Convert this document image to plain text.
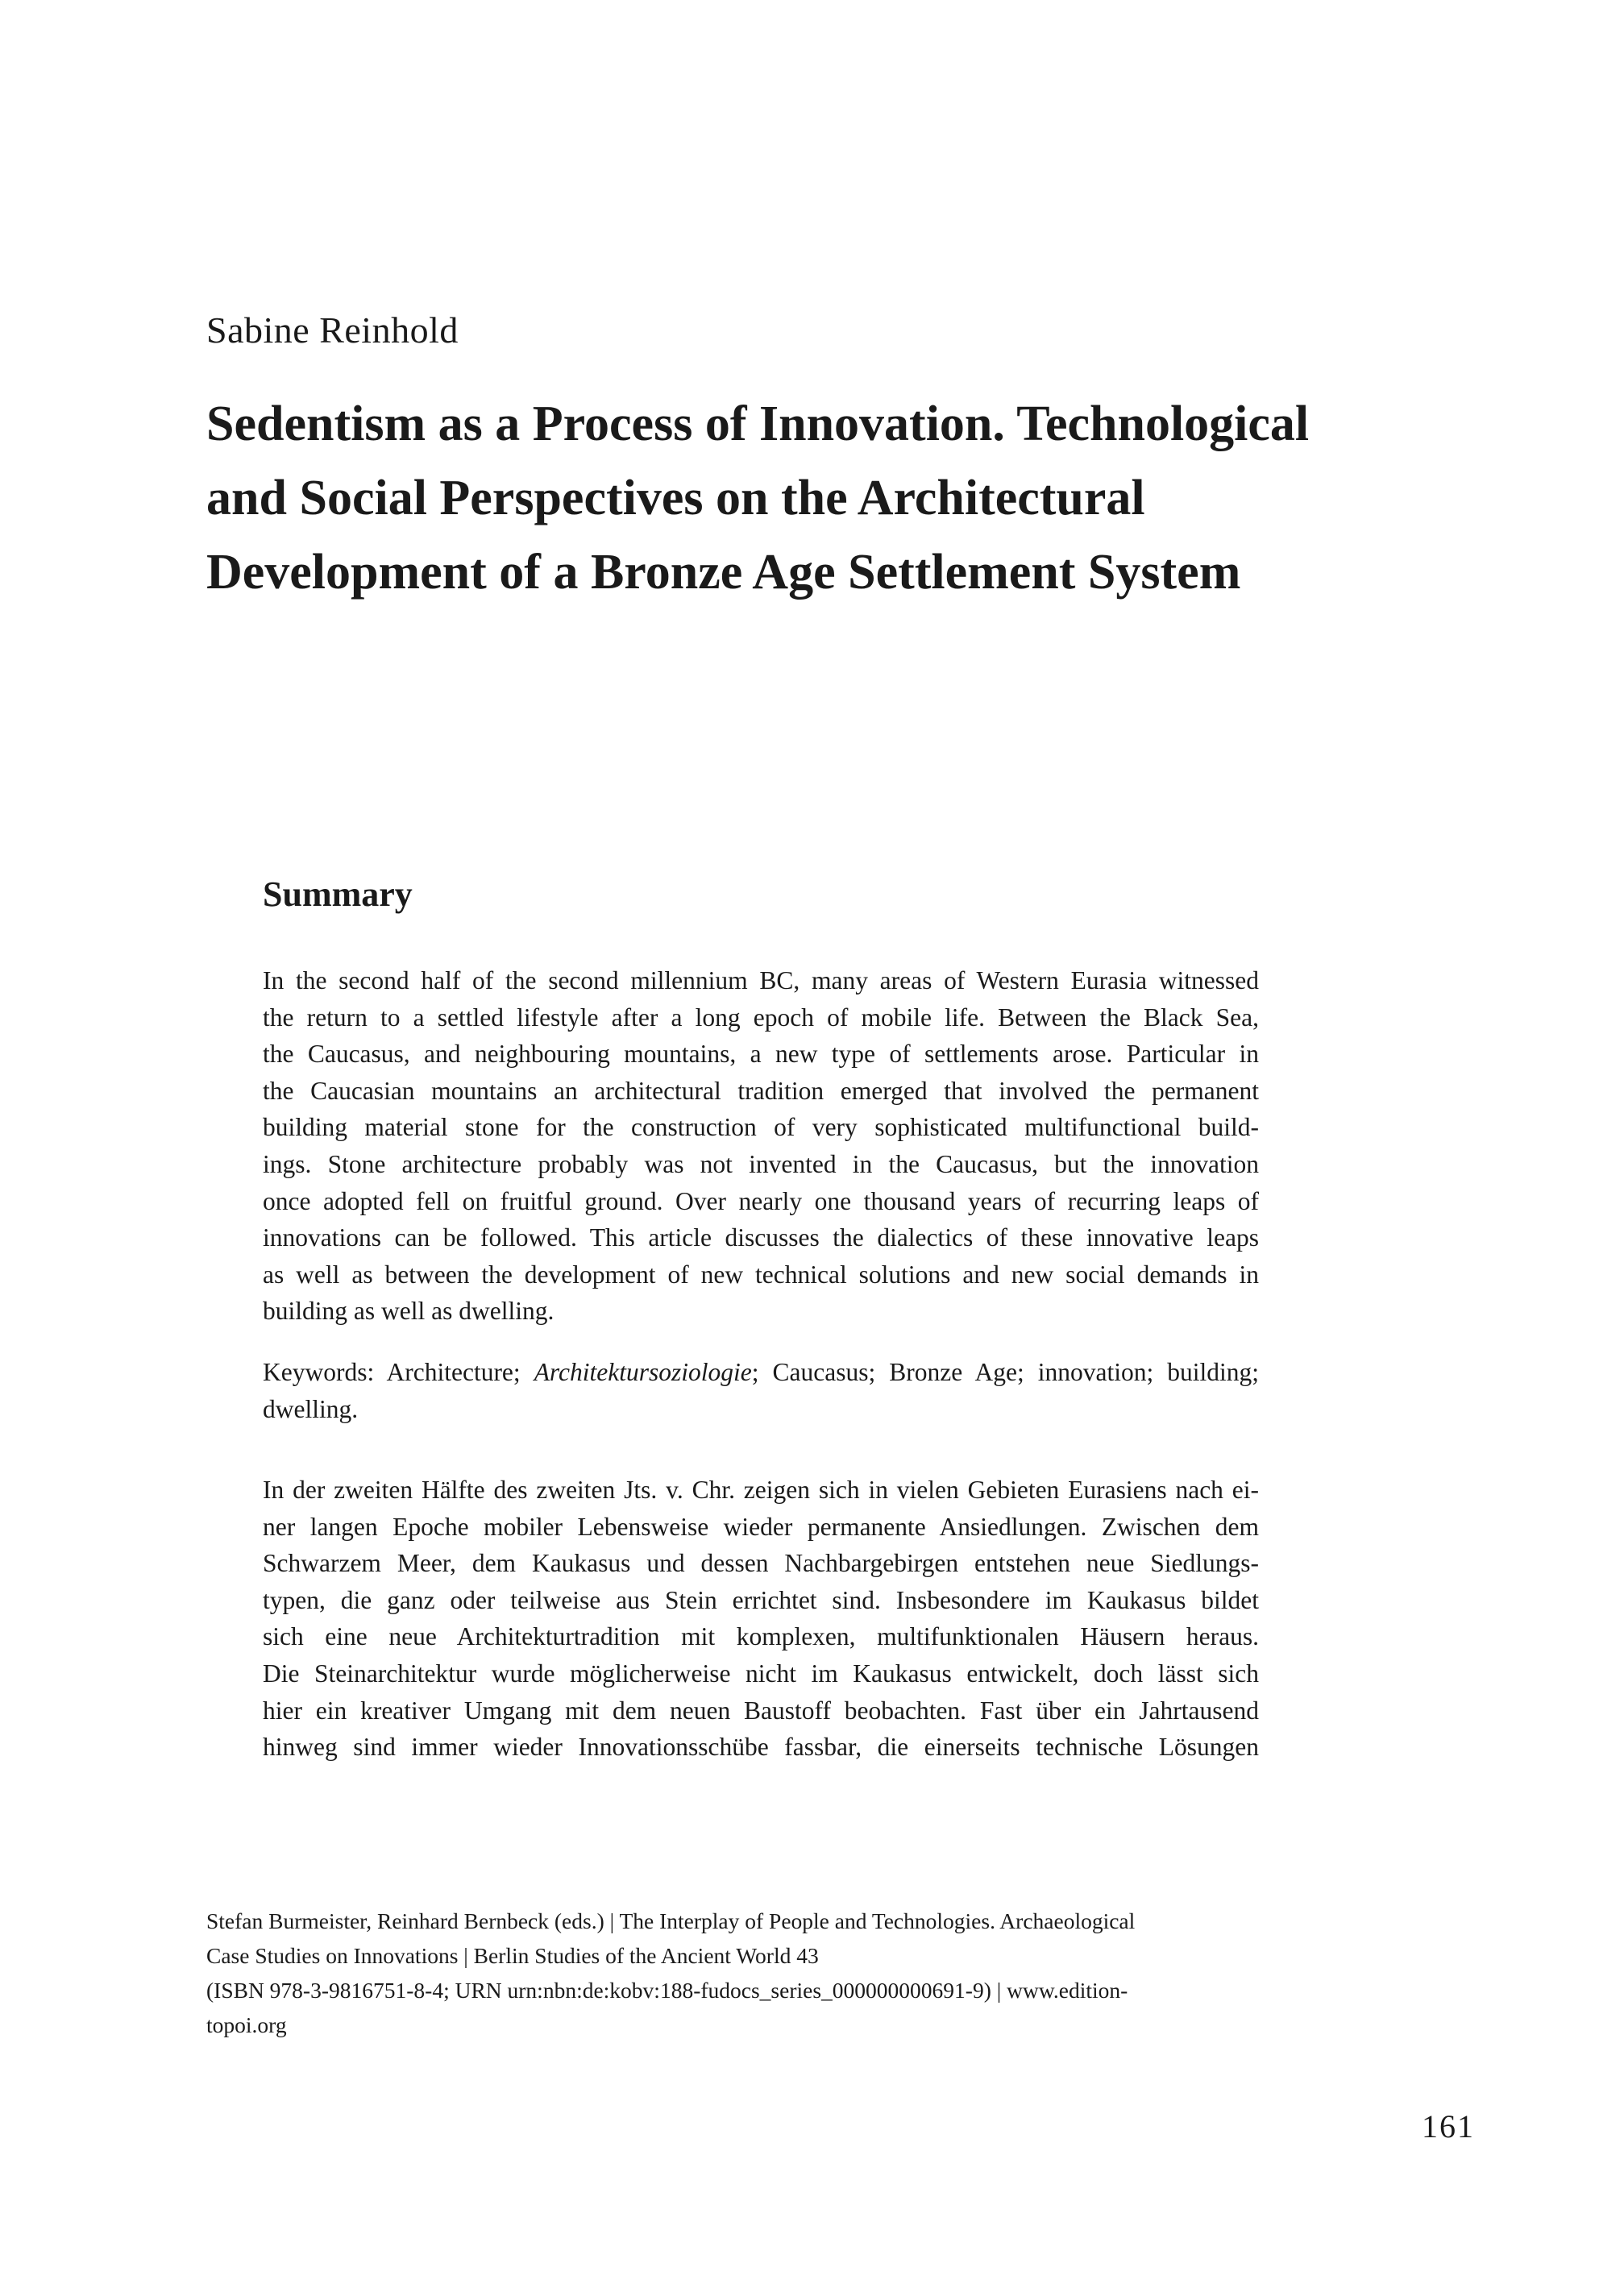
Sabine Reinhold

Sedentism as a Process of Innovation. Technological
and Social Perspectives on the Architectural
Development of a Bronze Age Settlement System
Summary
In the second half of the second millennium BC, many areas of Western Eurasia witnessed
the return to a settled lifestyle after a long epoch of mobile life. Between the Black Sea,
the Caucasus, and neighbouring mountains, a new type of settlements arose. Particular in
the Caucasian mountains an architectural tradition emerged that involved the permanent
building material stone for the construction of very sophisticated multifunctional build-
ings. Stone architecture probably was not invented in the Caucasus, but the innovation
once adopted fell on fruitful ground. Over nearly one thousand years of recurring leaps of
innovations can be followed. This article discusses the dialectics of these innovative leaps
as well as between the development of new technical solutions and new social demands in
building as well as dwelling.
Keywords: Architecture; Architektursoziologie; Caucasus; Bronze Age; innovation; building;
dwelling.
In der zweiten Hälfte des zweiten Jts. v. Chr. zeigen sich in vielen Gebieten Eurasiens nach ei-
ner langen Epoche mobiler Lebensweise wieder permanente Ansiedlungen. Zwischen dem
Schwarzem Meer, dem Kaukasus und dessen Nachbargebirgen entstehen neue Siedlungs-
typen, die ganz oder teilweise aus Stein errichtet sind. Insbesondere im Kaukasus bildet
sich eine neue Architekturtradition mit komplexen, multifunktionalen Häusern heraus.
Die Steinarchitektur wurde möglicherweise nicht im Kaukasus entwickelt, doch lässt sich
hier ein kreativer Umgang mit dem neuen Baustoff beobachten. Fast über ein Jahrtausend
hinweg sind immer wieder Innovationsschübe fassbar, die einerseits technische Lösungen
Stefan Burmeister, Reinhard Bernbeck (eds.) | The Interplay of People and Technologies. Archaeological
Case Studies on Innovations | Berlin Studies of the Ancient World 43
(ISBN 978-3-9816751-8-4; URN urn:nbn:de:kobv:188-fudocs_series_000000000691-9) | www.edition-
topoi.org

161
